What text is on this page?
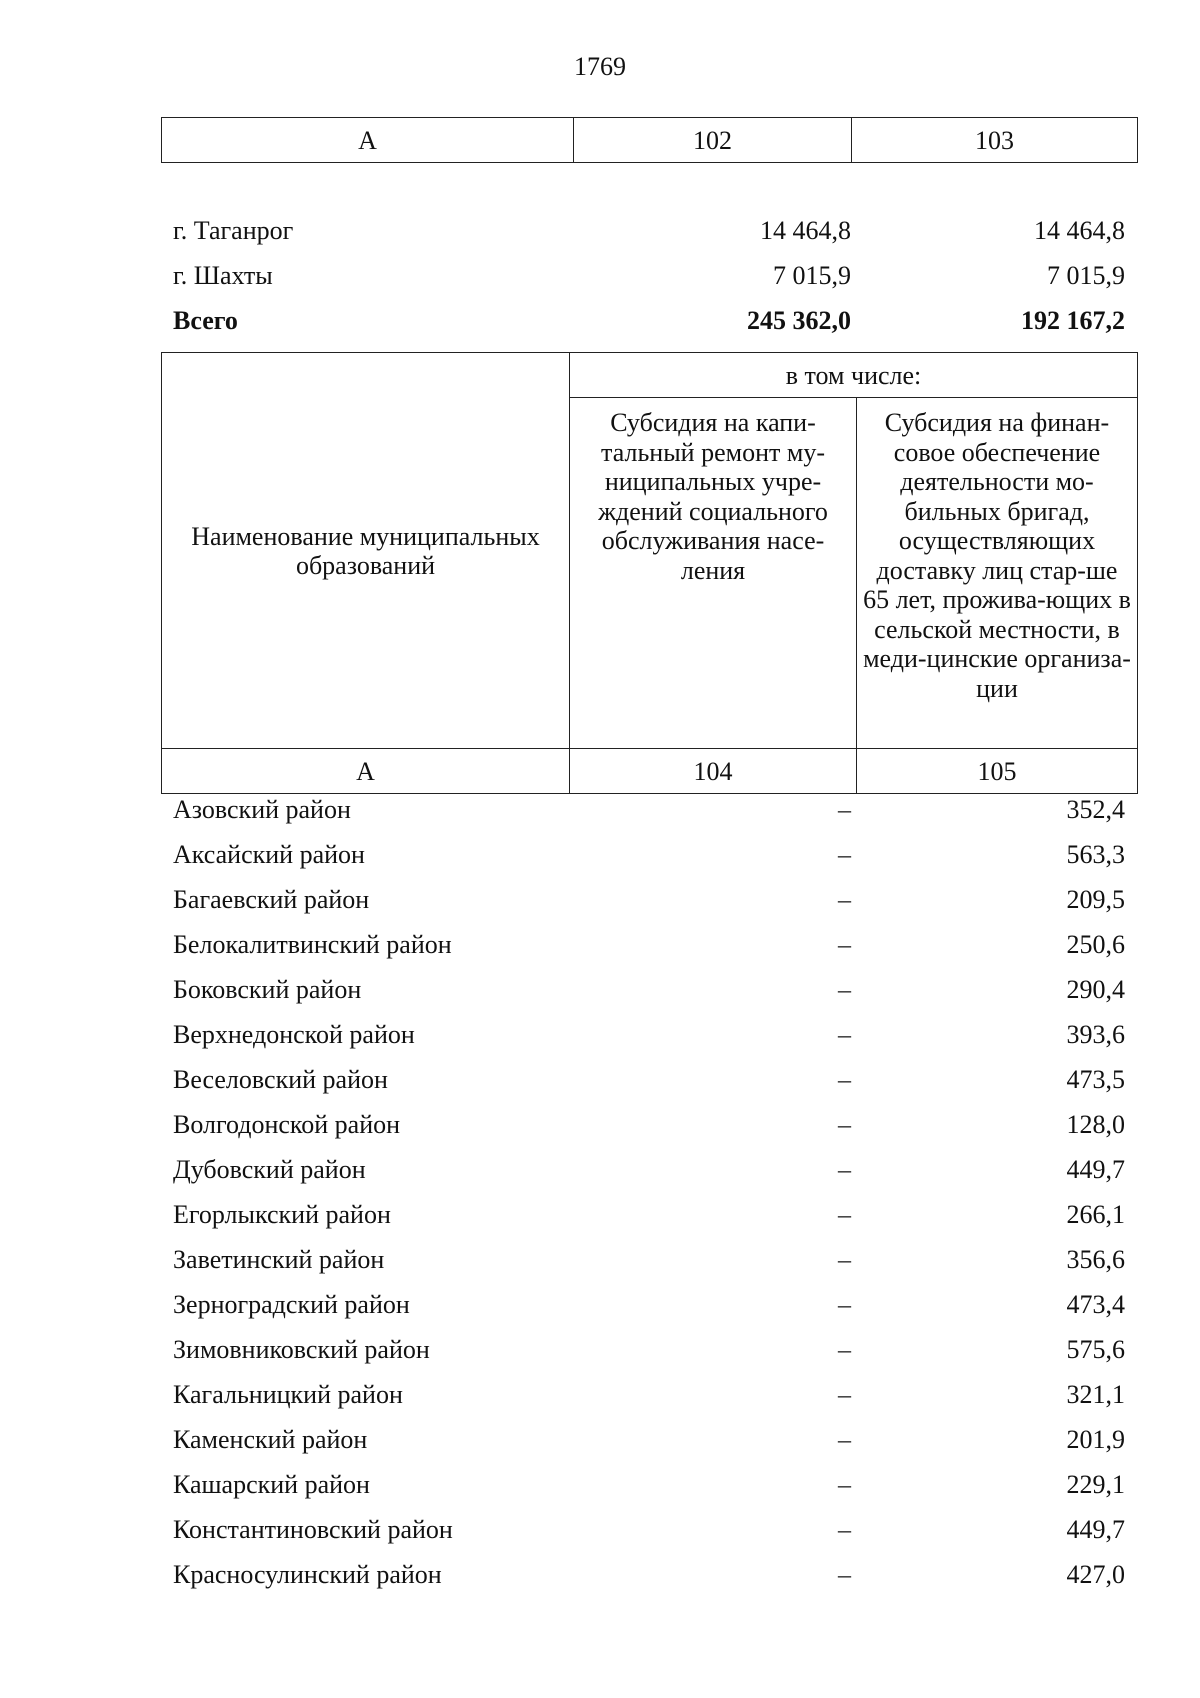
1769
А	102	103
г. Таганрог	14 464,8	14 464,8
г. Шахты	7 015,9	7 015,9
Всего	245 362,0	192 167,2
Наименование муниципальных образований	в том числе:	
	Субсидия на капи-тальный ремонт му-ниципальных учре-ждений социального обслуживания насе-ления	Субсидия на финан-совое обеспечение деятельности мо-бильных бригад, осуществляющих доставку лиц стар-ше 65 лет, прожива-ющих в сельской местности, в меди-цинские организа-ции
А	104	105
Азовский район	–	352,4
Аксайский район	–	563,3
Багаевский район	–	209,5
Белокалитвинский район	–	250,6
Боковский район	–	290,4
Верхнедонской район	–	393,6
Веселовский район	–	473,5
Волгодонской район	–	128,0
Дубовский район	–	449,7
Егорлыкский район	–	266,1
Заветинский район	–	356,6
Зерноградский район	–	473,4
Зимовниковский район	–	575,6
Кагальницкий район	–	321,1
Каменский район	–	201,9
Кашарский район	–	229,1
Константиновский район	–	449,7
Красносулинский район	–	427,0
